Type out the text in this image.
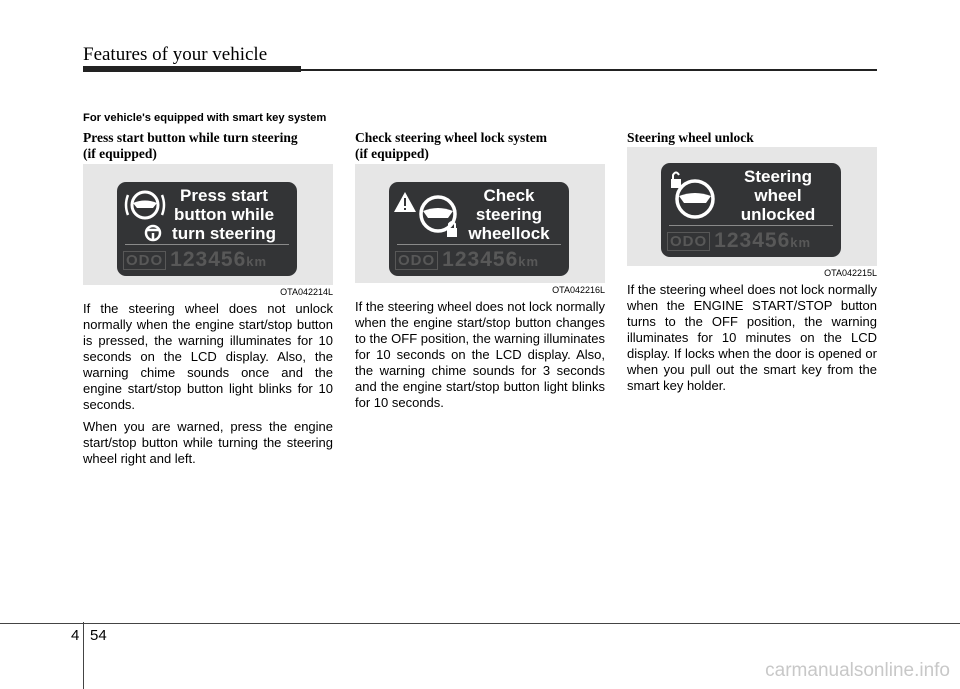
Features of your vehicle
For vehicle's equipped with smart key system
Press start button while turn steering
(if equipped)
Press start
button while
turn steering
ODO 123456km
OTA042214L

If the steering wheel does not unlock normally when the engine start/stop button is pressed, the warning illuminates for 10 seconds on the LCD display. Also, the warning chime sounds once and the engine start/stop button light blinks for 10 seconds.

When you are warned, press the engine start/stop button while turning the steering wheel right and left.

Check steering wheel lock system
(if equipped)
Check
steering
wheellock
ODO 123456km
OTA042216L

If the steering wheel does not lock normally when the engine start/stop button changes to the OFF position, the warning illuminates for 10 seconds on the LCD display. Also, the warning chime sounds for 3 seconds and the engine start/stop button light blinks for 10 seconds.

Steering wheel unlock
Steering
wheel
unlocked
ODO 123456km
OTA042215L

If the steering wheel does not lock normally when the ENGINE START/STOP button turns to the OFF position, the warning illuminates for 10 minutes on the LCD display. If locks when the door is opened or when you pull out the smart key from the smart key holder.

4 54
carmanualsonline.info
